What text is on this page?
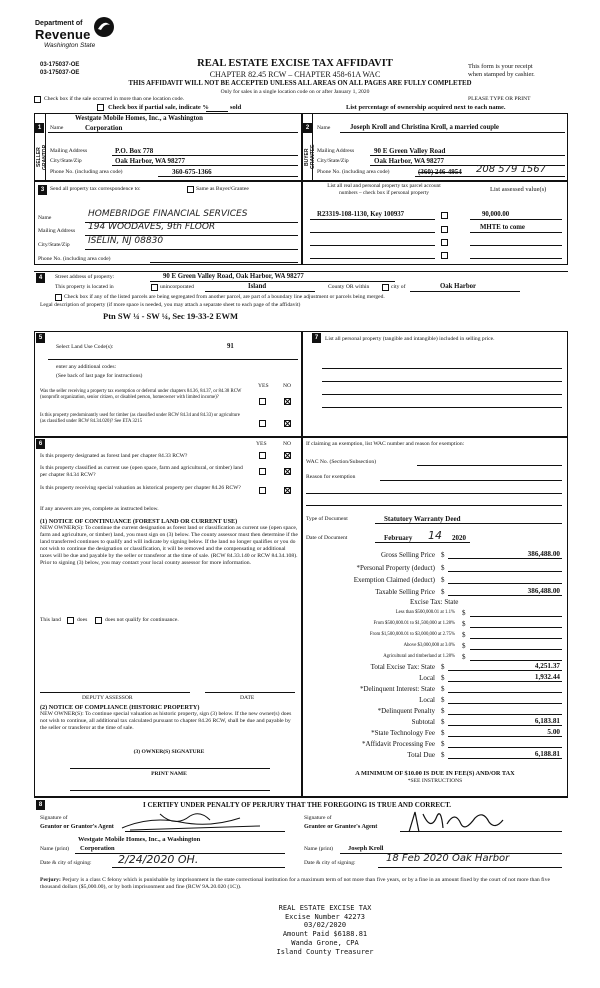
Department of
Revenue
Washington State
03-175037-OE
03-175037-OE
REAL ESTATE EXCISE TAX AFFIDAVIT
CHAPTER 82.45 RCW – CHAPTER 458-61A WAC
THIS AFFIDAVIT WILL NOT BE ACCEPTED UNLESS ALL AREAS ON ALL PAGES ARE FULLY COMPLETED
Only for sales in a single location code on or after January 1, 2020
This form is your receipt
when stamped by cashier.
Check box if the sale occurred in more than one location code.	PLEASE TYPE OR PRINT
Check box if partial sale, indicate %	sold	List percentage of ownership acquired next to each name.
1	2
SELLER GRANTOR	BUYER GRANTEE
Westgate Mobile Homes, Inc., a Washington
Name	Corporation
Mailing Address	P.O. Box 778
City/State/Zip	Oak Harbor, WA 98277
Phone No. (including area code)	360-675-1366
Name	Joseph Kroll and Christina Kroll, a married couple
Mailing Address	90 E Green Valley Road
City/State/Zip	Oak Harbor, WA 98277
Phone No. (including area code)	(360) 246-4954 208 579 1567
3	Send all property tax correspondence to:	Same as Buyer/Grantee
Name	HOMEBRIDGE FINANCIAL SERVICES
Mailing Address 194 WOODAVES, 9th FLOOR
City/State/Zip ISELIN, NJ 08830
Phone No. (including area code)
List all real and personal property tax parcel account
numbers – check box if personal property	List assessed value(s)
R23319-108-1130, Key 100937	90,000.00
MHTE to come
4	Street address of property:	90 E Green Valley Road, Oak Harbor, WA 98277
This property is located in	unincorporated	Island	County OR within	city of	Oak Harbor
Check box if any of the listed parcels are being segregated from another parcel, are part of a boundary line adjustment or parcels being merged.
Legal description of property (if more space is needed, you may attach a separate sheet to each page of the affidavit)
Ptn SW ¼ - SW ¼, Sec 19-33-2 EWM
5
Select Land Use Code(s):	91
enter any additional codes:
(See back of last page for instructions)
YES	NO
Was the seller receiving a property tax exemption or deferral under chapters 84.36, 84.37, or 84.38 RCW (nonprofit organization, senior citizen, or disabled person, homeowner with limited income)?
Is this property predominantly used for timber (as classified under RCW 84.34 and 84.33) or agriculture (as classified under RCW 84.34.020)? See ETA 3215
7	List all personal property (tangible and intangible) included in selling price.
6	YES	NO
Is this property designated as forest land per chapter 84.33 RCW?
Is this property classified as current use (open space, farm and agricultural, or timber) land per chapter 84.34 RCW?
Is this property receiving special valuation as historical property per chapter 84.26 RCW?
If any answers are yes, complete as instructed below.
(1) NOTICE OF CONTINUANCE (FOREST LAND OR CURRENT USE)
NEW OWNER(S): To continue the current designation as forest land or classification as current use (open space, farm and agriculture, or timber) land, you must sign on (3) below. The county assessor must then determine if the land transferred continues to qualify and will indicate by signing below. If the land no longer qualifies or you do not wish to continue the designation or classification, it will be removed and the compensating or additional taxes will be due and payable by the seller or transferor at the time of sale. (RCW 84.33.140 or RCW 84.34.108). Prior to signing (3) below, you may contact your local county assessor for more information.
This land	does	does not qualify for continuance.
DEPUTY ASSESSOR	DATE
(2) NOTICE OF COMPLIANCE (HISTORIC PROPERTY)
NEW OWNER(S): To continue special valuation as historic property, sign (3) below. If the new owner(s) does not wish to continue, all additional tax calculated pursuant to chapter 84.26 RCW, shall be due and payable by the seller or transferor at the time of sale.
(3) OWNER(S) SIGNATURE
PRINT NAME
If claiming an exemption, list WAC number and reason for exemption:
WAC No. (Section/Subsection)
Reason for exemption
Type of Document	Statutory Warranty Deed
Date of Document	February 14 2020
Gross Selling Price $	386,488.00
*Personal Property (deduct) $
Exemption Claimed (deduct) $
Taxable Selling Price $	386,488.00
Excise Tax: State
Less than $500,000.01 at 1.1% $
From $500,000.01 to $1,500,000 at 1.28% $
From $1,500,000.01 to $3,000,000 at 2.75% $
Above $3,000,000 at 3.0% $
Agricultural and timberland at 1.28% $
Total Excise Tax: State $	4,251.37
Local $	1,932.44
*Delinquent Interest: State $
Local $
*Delinquent Penalty $
Subtotal $	6,183.81
*State Technology Fee $	5.00
*Affidavit Processing Fee $
Total Due $	6,188.81
A MINIMUM OF $10.00 IS DUE IN FEE(S) AND/OR TAX
*SEE INSTRUCTIONS
8	I CERTIFY UNDER PENALTY OF PERJURY THAT THE FOREGOING IS TRUE AND CORRECT.
Signature of
Grantor or Grantor's Agent
Signature of
Grantee or Grantee's Agent
Westgate Mobile Homes, Inc., a Washington
Name (print) Corporation	Name (print) Joseph Kroll
Date & city of signing: 2/24/2020 OH.	Date & city of signing:	18 Feb 2020 Oak Harbor
Perjury: Perjury is a class C felony which is punishable by imprisonment in the state correctional institution for a maximum term of not more than five years, or by a fine in an amount fixed by the court of not more than five thousand dollars ($5,000.00), or by both imprisonment and fine (RCW 9A.20.020 (1C)).
REAL ESTATE EXCISE TAX
Excise Number 42273
03/02/2020
Amount Paid $6188.81
Wanda Grone, CPA
Island County Treasurer
